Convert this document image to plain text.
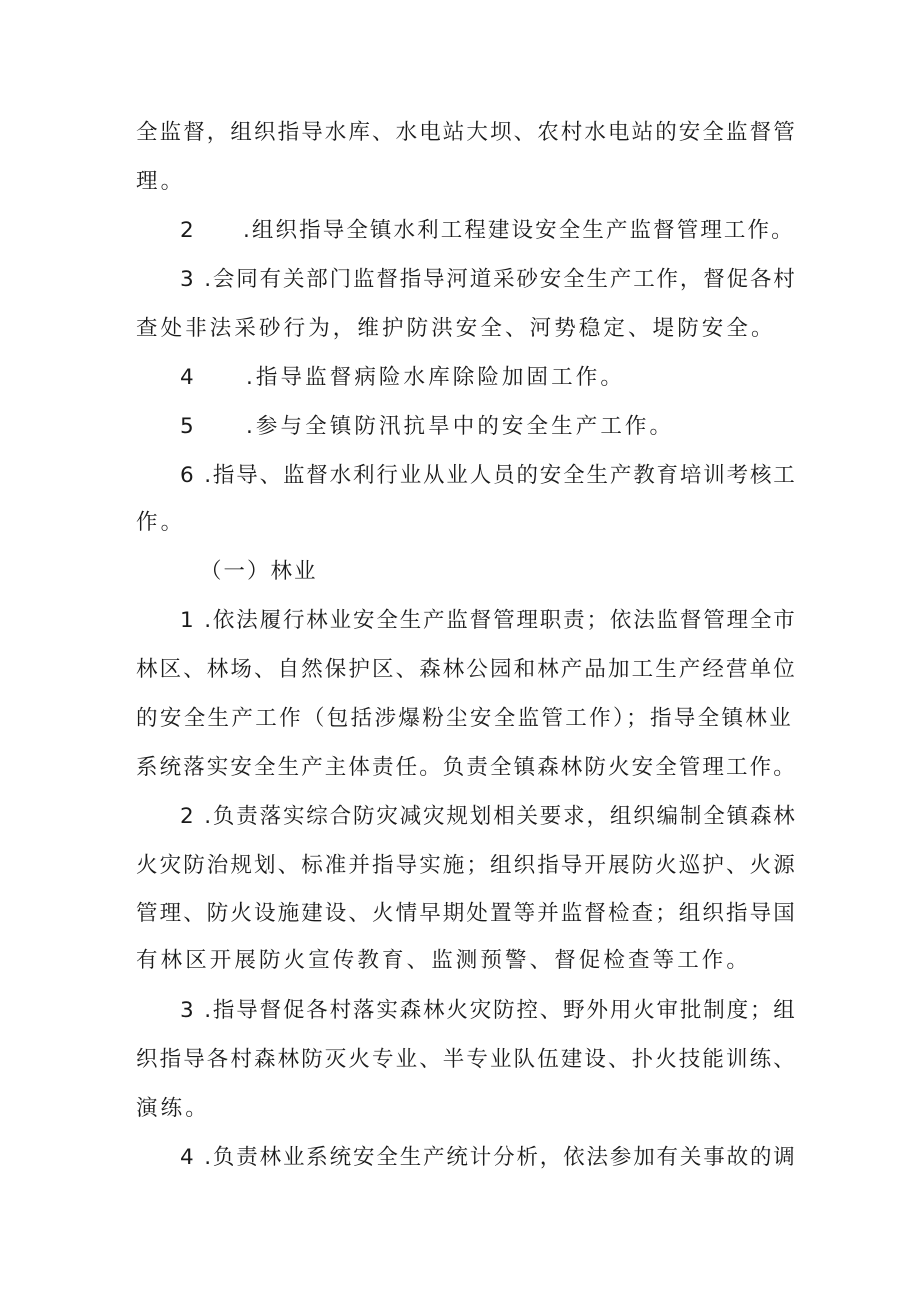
全监督，组织指导水库、水电站大坝、农村水电站的安全监督管
理。
2　　.组织指导全镇水利工程建设安全生产监督管理工作。
3 .会同有关部门监督指导河道采砂安全生产工作，督促各村
查处非法采砂行为，维护防洪安全、河势稳定、堤防安全。
4　　.指导监督病险水库除险加固工作。
5　　.参与全镇防汛抗旱中的安全生产工作。
6 .指导、监督水利行业从业人员的安全生产教育培训考核工
作。
（一）林业
1 .依法履行林业安全生产监督管理职责；依法监督管理全市
林区、林场、自然保护区、森林公园和林产品加工生产经营单位
的安全生产工作（包括涉爆粉尘安全监管工作）；指导全镇林业
系统落实安全生产主体责任。负责全镇森林防火安全管理工作。
2 .负责落实综合防灾减灾规划相关要求，组织编制全镇森林
火灾防治规划、标准并指导实施；组织指导开展防火巡护、火源
管理、防火设施建设、火情早期处置等并监督检查；组织指导国
有林区开展防火宣传教育、监测预警、督促检查等工作。
3 .指导督促各村落实森林火灾防控、野外用火审批制度；组
织指导各村森林防灭火专业、半专业队伍建设、扑火技能训练、
演练。
4 .负责林业系统安全生产统计分析，依法参加有关事故的调
